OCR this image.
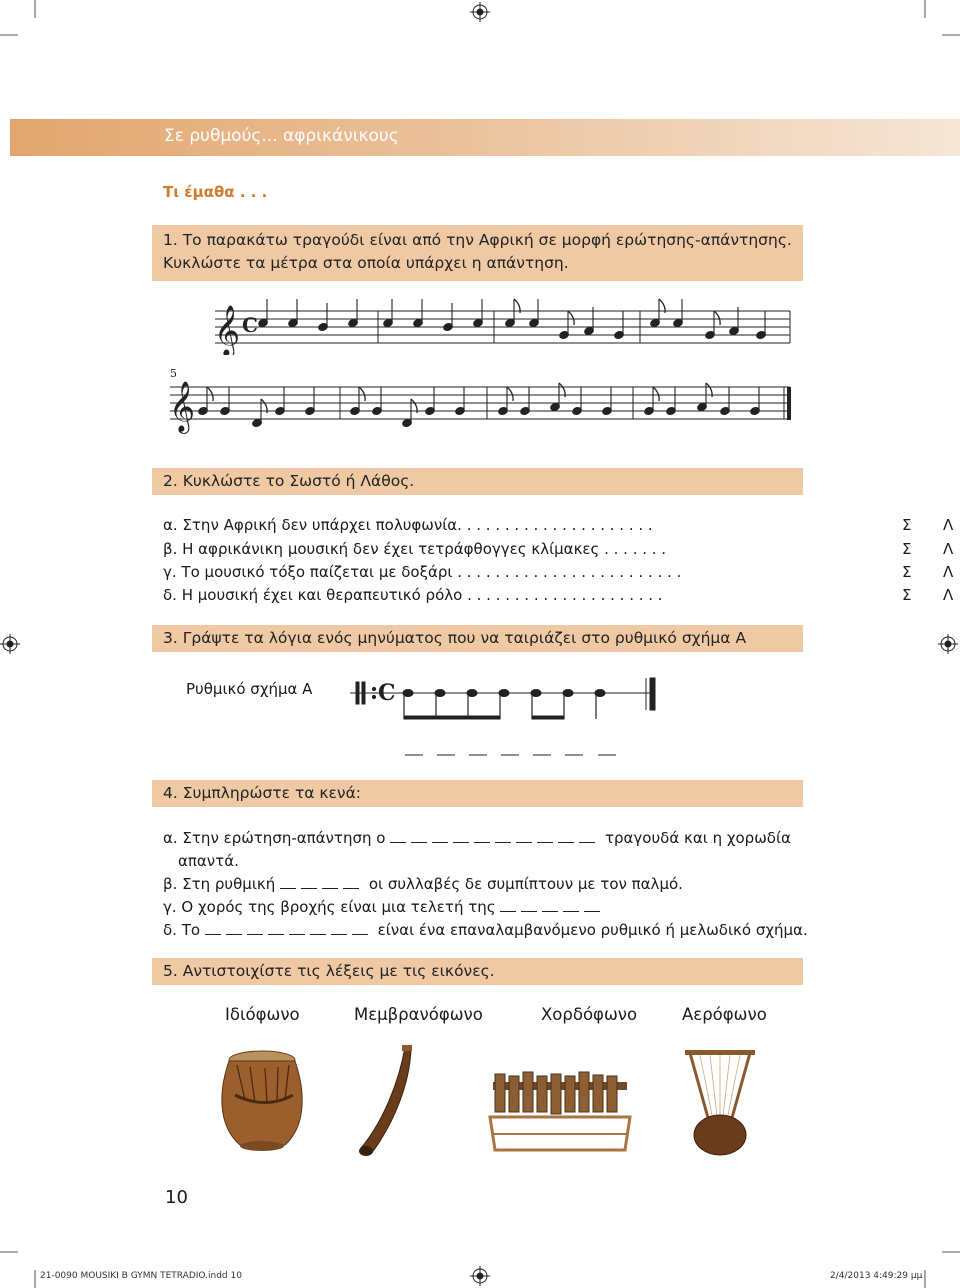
Σε ρυθμούς... αφρικάνικους
Τι έμαθα . . .
1. Το παρακάτω τραγούδι είναι από την Αφρική σε μορφή ερώτησης-απάντησης.
Κυκλώστε τα μέτρα στα οποία υπάρχει η απάντηση.
𝄞 C
5
𝄞
2. Κυκλώστε το Σωστό ή Λάθος.
α. Στην Αφρική δεν υπάρχει πολυφωνία. . . . . . . . . . . . . . . . . . . . .	Σ Λ
β. Η αφρικάνικη μουσική δεν έχει τετράφθογγες κλίμακες . . . . . . .	Σ Λ
γ. Το μουσικό τόξο παίζεται με δοξάρι . . . . . . . . . . . . . . . . . . . . . . . .	Σ Λ
δ. Η μουσική έχει και θεραπευτικό ρόλο . . . . . . . . . . . . . . . . . . . . .	Σ Λ
3. Γράψτε τα λόγια ενός μηνύματος που να ταιριάζει στο ρυθμικό σχήμα Α
Ρυθμικό σχήμα Α	C
4. Συμπληρώστε τα κενά:
α. Στην ερώτηση-απάντηση ο	τραγουδά και η χορωδία
απαντά.
β. Στη ρυθμική	οι συλλαβές δε συμπίπτουν με τον παλμό.
γ. Ο χορός της βροχής είναι μια τελετή της
δ. Το	είναι ένα επαναλαμβανόμενο ρυθμικό ή μελωδικό σχήμα.
5. Αντιστοιχίστε τις λέξεις με τις εικόνες.
Ιδιόφωνο	Μεμβρανόφωνο	Χορδόφωνο	Αερόφωνο
10
21-0090 MOUSIKI B GYMN TETRADIO.indd 10	2/4/2013 4:49:29 μμ
